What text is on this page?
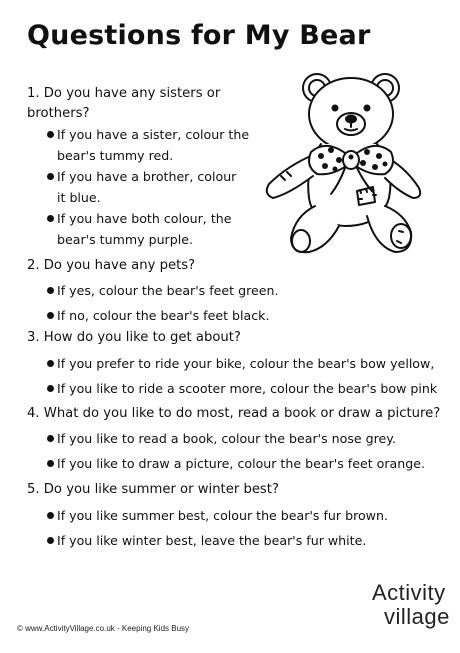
Questions for My Bear
1. Do you have any sisters or
brothers?
If you have a sister, colour the
bear's tummy red.
If you have a brother, colour
it blue.
If you have both colour, the
bear's tummy purple.
2. Do you have any pets?
If yes, colour the bear's feet green.
If no, colour the bear's feet black.
3. How do you like to get about?
If you prefer to ride your bike, colour the bear's bow yellow,
If you like to ride a scooter more, colour the bear's bow pink
4. What do you like to do most, read a book or draw a picture?
If you like to read a book, colour the bear's nose grey.
If you like to draw a picture, colour the bear's feet orange.
5. Do you like summer or winter best?
If you like summer best, colour the bear's fur brown.
If you like winter best, leave the bear's fur white.
© www.ActivityVillage.co.uk - Keeping Kids Busy
Activity
village
